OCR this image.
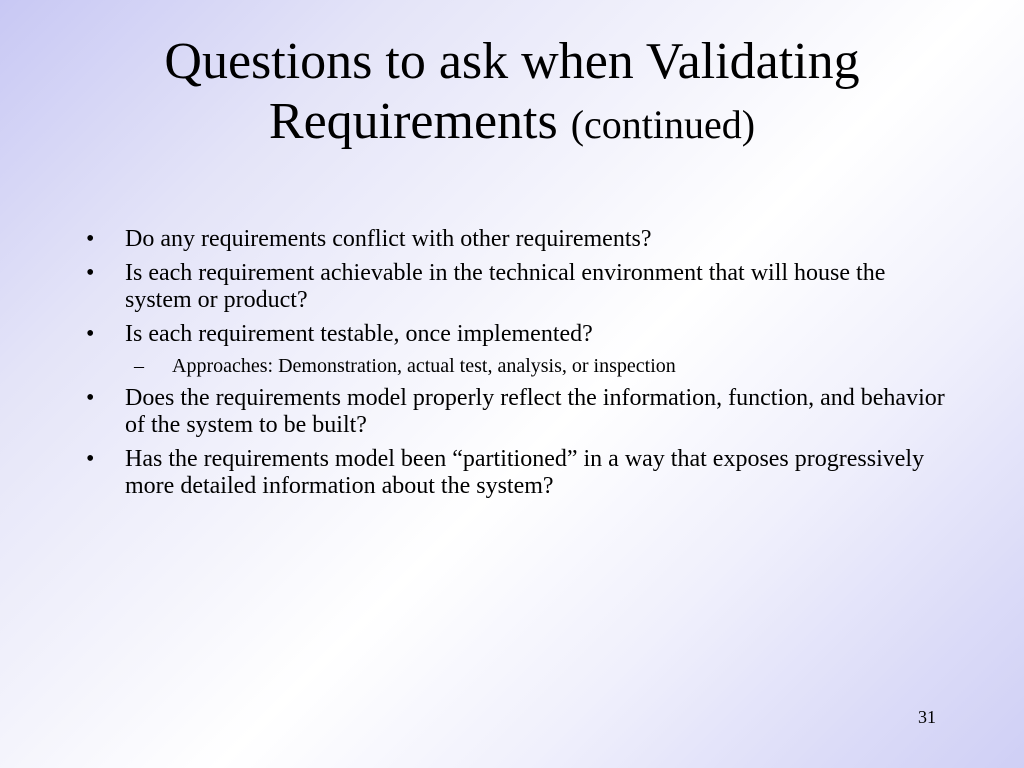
Questions to ask when Validating Requirements (continued)
• Do any requirements conflict with other requirements?
• Is each requirement achievable in the technical environment that will house the system or product?
• Is each requirement testable, once implemented?
– Approaches: Demonstration, actual test, analysis, or inspection
• Does the requirements model properly reflect the information, function, and behavior of the system to be built?
• Has the requirements model been “partitioned” in a way that exposes progressively more detailed information about the system?
31
